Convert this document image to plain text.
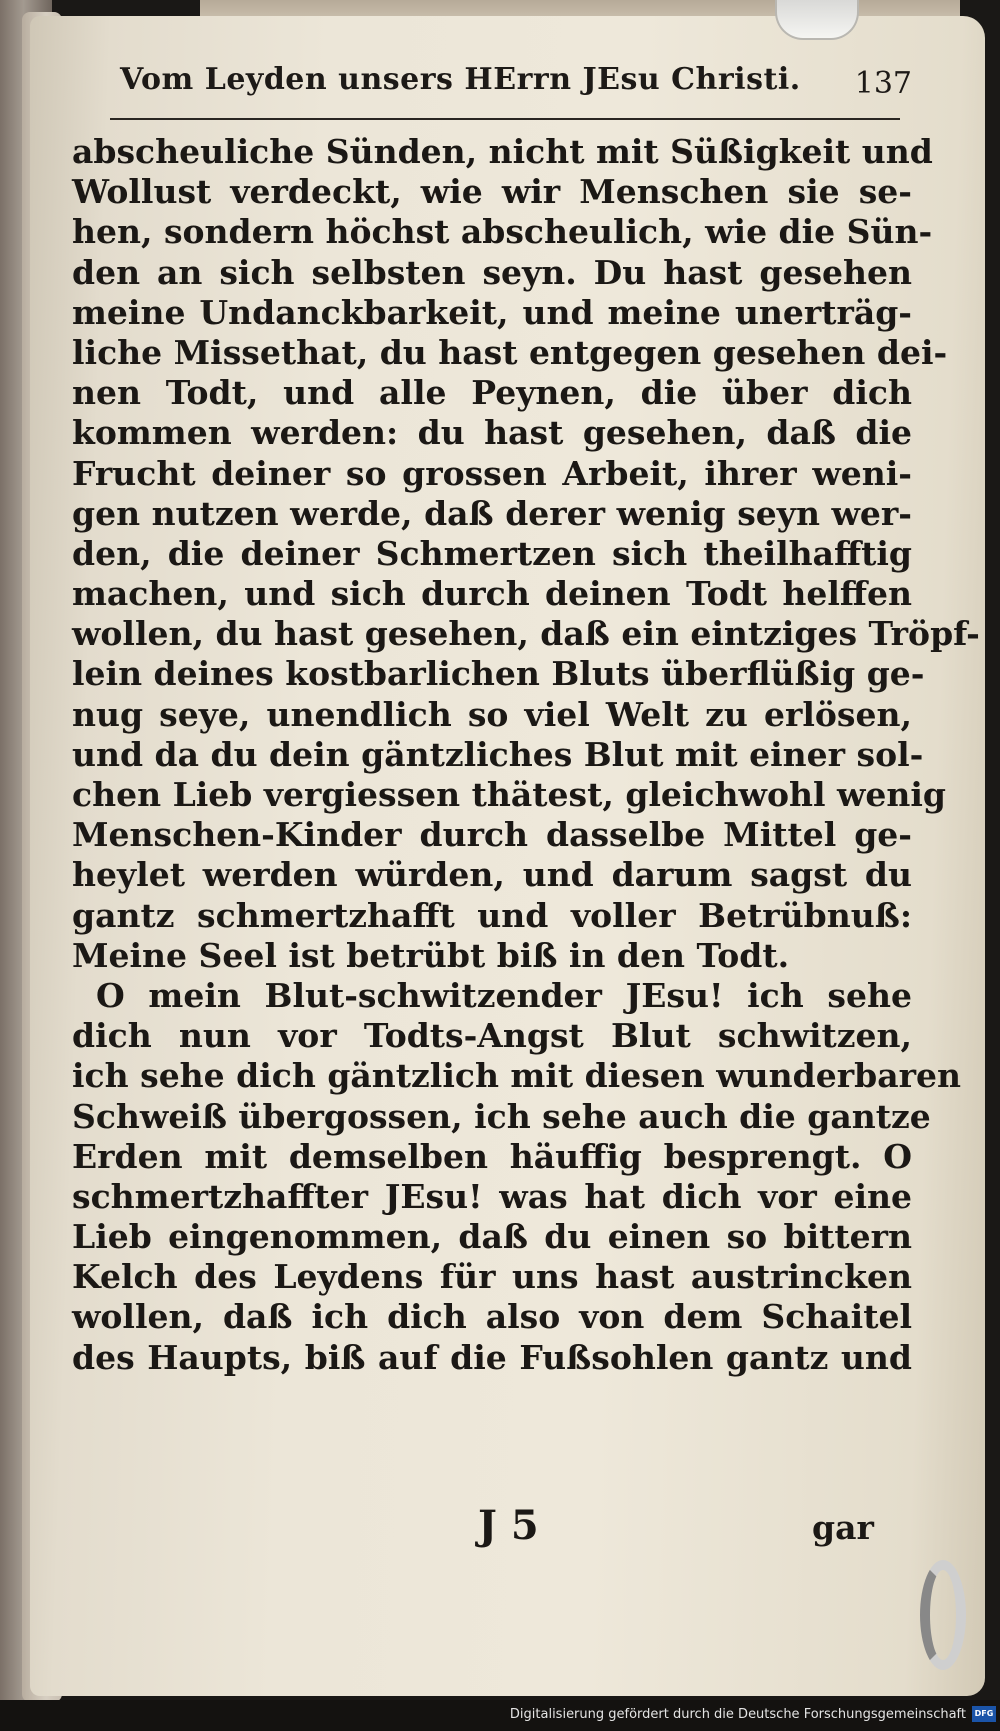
Vom Leyden unsers HErrn JEsu Christi. 137
abscheuliche Sünden, nicht mit Süßigkeit und
Wollust verdeckt, wie wir Menschen sie se-
hen, sondern höchst abscheulich, wie die Sün-
den an sich selbsten seyn. Du hast gesehen
meine Undanckbarkeit, und meine unerträg-
liche Missethat, du hast entgegen gesehen dei-
nen Todt, und alle Peynen, die über dich
kommen werden: du hast gesehen, daß die
Frucht deiner so grossen Arbeit, ihrer weni-
gen nutzen werde, daß derer wenig seyn wer-
den, die deiner Schmertzen sich theilhafftig
machen, und sich durch deinen Todt helffen
wollen, du hast gesehen, daß ein eintziges Tröpf-
lein deines kostbarlichen Bluts überflüßig ge-
nug seye, unendlich so viel Welt zu erlösen,
und da du dein gäntzliches Blut mit einer sol-
chen Lieb vergiessen thätest, gleichwohl wenig
Menschen-Kinder durch dasselbe Mittel ge-
heylet werden würden, und darum sagst du
gantz schmertzhafft und voller Betrübnuß:
Meine Seel ist betrübt biß in den Todt.
O mein Blut-schwitzender JEsu! ich sehe
dich nun vor Todts-Angst Blut schwitzen,
ich sehe dich gäntzlich mit diesen wunderbaren
Schweiß übergossen, ich sehe auch die gantze
Erden mit demselben häuffig besprengt. O
schmertzhaffter JEsu! was hat dich vor eine
Lieb eingenommen, daß du einen so bittern
Kelch des Leydens für uns hast austrincken
wollen, daß ich dich also von dem Schaitel
des Haupts, biß auf die Fußsohlen gantz und
J 5	gar
Digitalisierung gefördert durch die Deutsche Forschungsgemeinschaft	DFG
